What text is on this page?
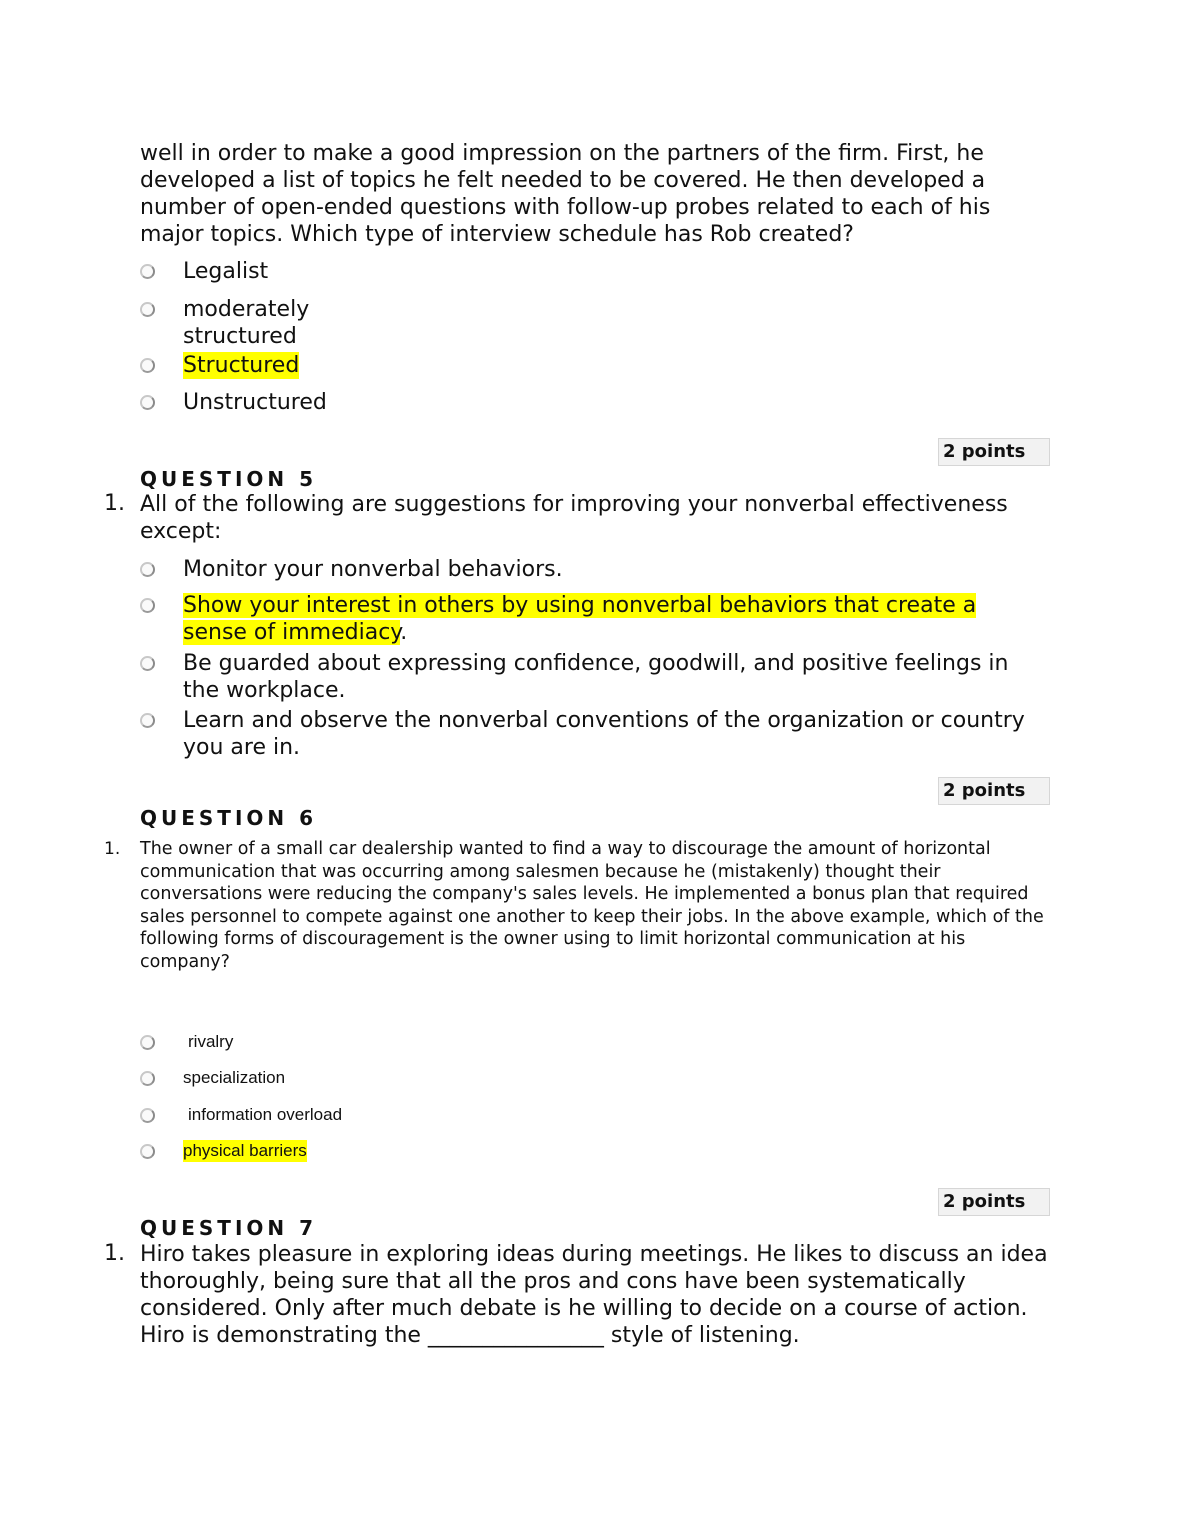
well in order to make a good impression on the partners of the firm. First, he developed a list of topics he felt needed to be covered. He then developed a number of open-ended questions with follow-up probes related to each of his major topics. Which type of interview schedule has Rob created?
Legalist
moderately structured
Structured
Unstructured
2 points
QUESTION 5
1. All of the following are suggestions for improving your nonverbal effectiveness except:
Monitor your nonverbal behaviors.
Show your interest in others by using nonverbal behaviors that create a sense of immediacy.
Be guarded about expressing confidence, goodwill, and positive feelings in the workplace.
Learn and observe the nonverbal conventions of the organization or country you are in.
2 points
QUESTION 6
1. The owner of a small car dealership wanted to find a way to discourage the amount of horizontal communication that was occurring among salesmen because he (mistakenly) thought their conversations were reducing the company's sales levels. He implemented a bonus plan that required sales personnel to compete against one another to keep their jobs. In the above example, which of the following forms of discouragement is the owner using to limit horizontal communication at his company?
rivalry
specialization
information overload
physical barriers
2 points
QUESTION 7
1. Hiro takes pleasure in exploring ideas during meetings. He likes to discuss an idea thoroughly, being sure that all the pros and cons have been systematically considered. Only after much debate is he willing to decide on a course of action. Hiro is demonstrating the ________________ style of listening.
